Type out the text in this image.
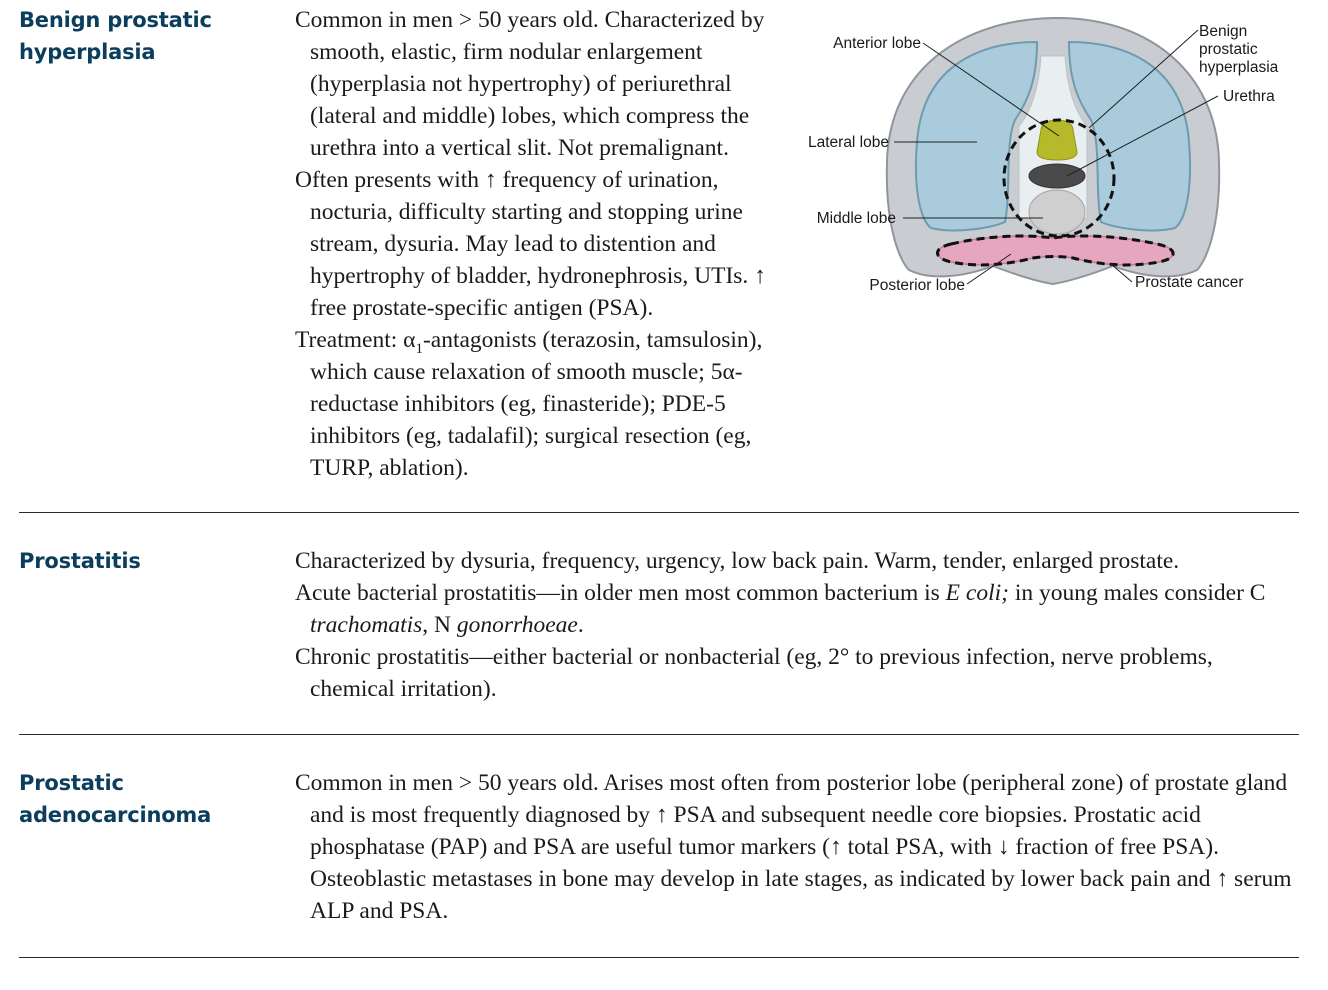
Benign prostatic
hyperplasia

Common in men > 50 years old. Characterized by smooth, elastic, firm nodular enlargement (hyperplasia not hypertrophy) of periurethral (lateral and middle) lobes, which compress the urethra into a vertical slit. Not premalignant.

Often presents with ↑ frequency of urination, nocturia, difficulty starting and stopping urine stream, dysuria. May lead to distention and hypertrophy of bladder, hydronephrosis, UTIs. ↑ free prostate-specific antigen (PSA).

Treatment: $\alpha_1$-antagonists (terazosin, tamsulosin), which cause relaxation of smooth muscle; 5α-reductase inhibitors (eg, finasteride); PDE-5 inhibitors (eg, tadalafil); surgical resection (eg, TURP, ablation).

Anterior lobe
Benign
prostatic
hyperplasia
Urethra
Lateral lobe
Middle lobe
Posterior lobe	Prostate cancer
Prostatitis	Characterized by dysuria, frequency, urgency, low back pain. Warm, tender, enlarged prostate.

Acute bacterial prostatitis—in older men most common bacterium is E coli; in young males consider C trachomatis, N gonorrhoeae.

Chronic prostatitis—either bacterial or nonbacterial (eg, 2° to previous infection, nerve problems, chemical irritation).

Prostatic
adenocarcinoma

Common in men > 50 years old. Arises most often from posterior lobe (peripheral zone) of prostate gland and is most frequently diagnosed by ↑ PSA and subsequent needle core biopsies. Prostatic acid phosphatase (PAP) and PSA are useful tumor markers (↑ total PSA, with ↓ fraction of free PSA). Osteoblastic metastases in bone may develop in late stages, as indicated by lower back pain and ↑ serum ALP and PSA.
